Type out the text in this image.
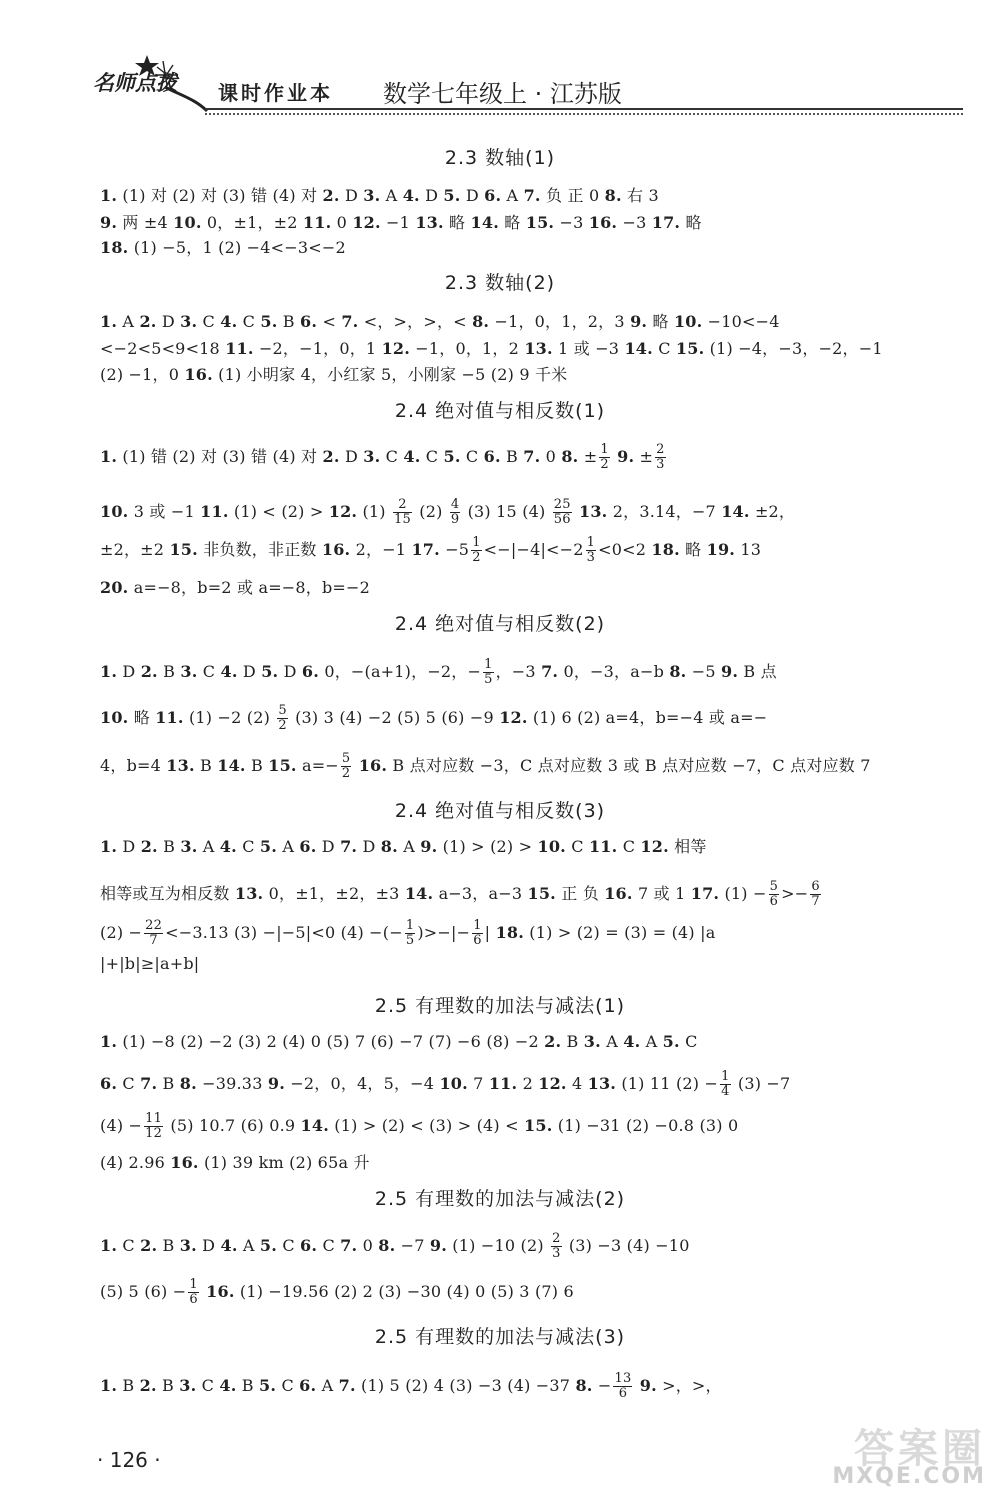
名师点拨 课时作业本 数学七年级上 · 江苏版
2.3 数轴(1)
1. (1) 对 (2) 对 (3) 错 (4) 对 2. D 3. A 4. D 5. D 6. A 7. 负 正 0 8. 右 3
9. 两 ±4 10. 0，±1，±2 11. 0 12. −1 13. 略 14. 略 15. −3 16. −3 17. 略
18. (1) −5，1 (2) −4<−3<−2
2.3 数轴(2)
1. A 2. D 3. C 4. C 5. B 6. < 7. <，>，>，< 8. −1，0，1，2，3 9. 略 10. −10<−4
<−2<5<9<18 11. −2，−1，0，1 12. −1，0，1，2 13. 1 或 −3 14. C 15. (1) −4，−3，−2，−1
(2) −1，0 16. (1) 小明家 4，小红家 5，小刚家 −5 (2) 9 千米
2.4 绝对值与相反数(1)
1. (1) 错 (2) 对 (3) 错 (4) 对 2. D 3. C 4. C 5. C 6. B 7. 0 8. ± $\frac{1}{2} 9$. ± $\frac{2}{3}$
10. 3 或 −1 11. (1) < (2) > 12. $(1) \frac{2}{15} (2) \frac{4}{9} (3)$ 15 $(4) \frac{25}{56} 13$. 2，3.14，−7 14. ±2，
±2，±2 15. 非负数，非正数 16. 2，−1 17. $-5 \frac{1}{2} <-|-4|<-2 \frac{1}{3} <0<2$ 18. 略 19. 13
20. a=−8，b=2 或 a=−8，b=−2
2.4 绝对值与相反数(2)
1. D 2. B 3. C 4. D 5. D 6. 0，−(a+1)，−2，− $\frac{1}{5}$ ，−3 7. 0，−3，a−b 8. −5 9. B 点
10. 略 11. (1) −2 $(2) \frac{5}{2} (3)$ 3 (4) −2 (5) 5 (6) −9 12. (1) 6 (2) a=4，b=−4 或 a=−
4，b=4 13. B 14. B 15. $a=- \frac{5}{2} 16$. B 点对应数 −3，C 点对应数 3 或 B 点对应数 −7，C 点对应数 7
2.4 绝对值与相反数(3)
1. D 2. B 3. A 4. C 5. A 6. D 7. D 8. A 9. (1) > (2) > 10. C 11. C 12. 相等
相等或互为相反数 13. 0，±1，±2，±3 14. a−3，a−3 15. 正 负 16. 7 或 1 17. $(1) - \frac{5}{6} >- \frac{6}{7}$
$(2) - \frac{22}{7} <-3.13$ (3) −|−5|<0 (4) −(− $\frac{1}{5}$ )>−|− $\frac{1}{6}$ | 18. (1) > (2) = (3) = (4) |a
|+|b|≥|a+b|
2.5 有理数的加法与减法(1)
1. (1) −8 (2) −2 (3) 2 (4) 0 (5) 7 (6) −7 (7) −6 (8) −2 2. B 3. A 4. A 5. C
6. C 7. B 8. −39.33 9. −2，0，4，5，−4 10. 7 11. 2 12. 4 13. (1) 11 $(2) - \frac{1}{4} (3) -7$
$(4) - \frac{11}{12} (5)$ 10.7 (6) 0.9 14. (1) > (2) < (3) > (4) < 15. (1) −31 (2) −0.8 (3) 0
(4) 2.96 16. (1) 39 km (2) 65a 升
2.5 有理数的加法与减法(2)
1. C 2. B 3. D 4. A 5. C 6. C 7. 0 8. −7 9. (1) −10 $(2) \frac{2}{3} (3) -3$ (4) −10
(5) 5 $(6) - \frac{1}{6} 16$. (1) −19.56 (2) 2 (3) −30 (4) 0 (5) 3 (7) 6
2.5 有理数的加法与减法(3)
1. B 2. B 3. C 4. B 5. C 6. A 7. (1) 5 (2) 4 (3) −3 (4) −37 8. − $\frac{13}{6} 9$. >，>，
· 126 ·	答案圈
MXQE.COM
